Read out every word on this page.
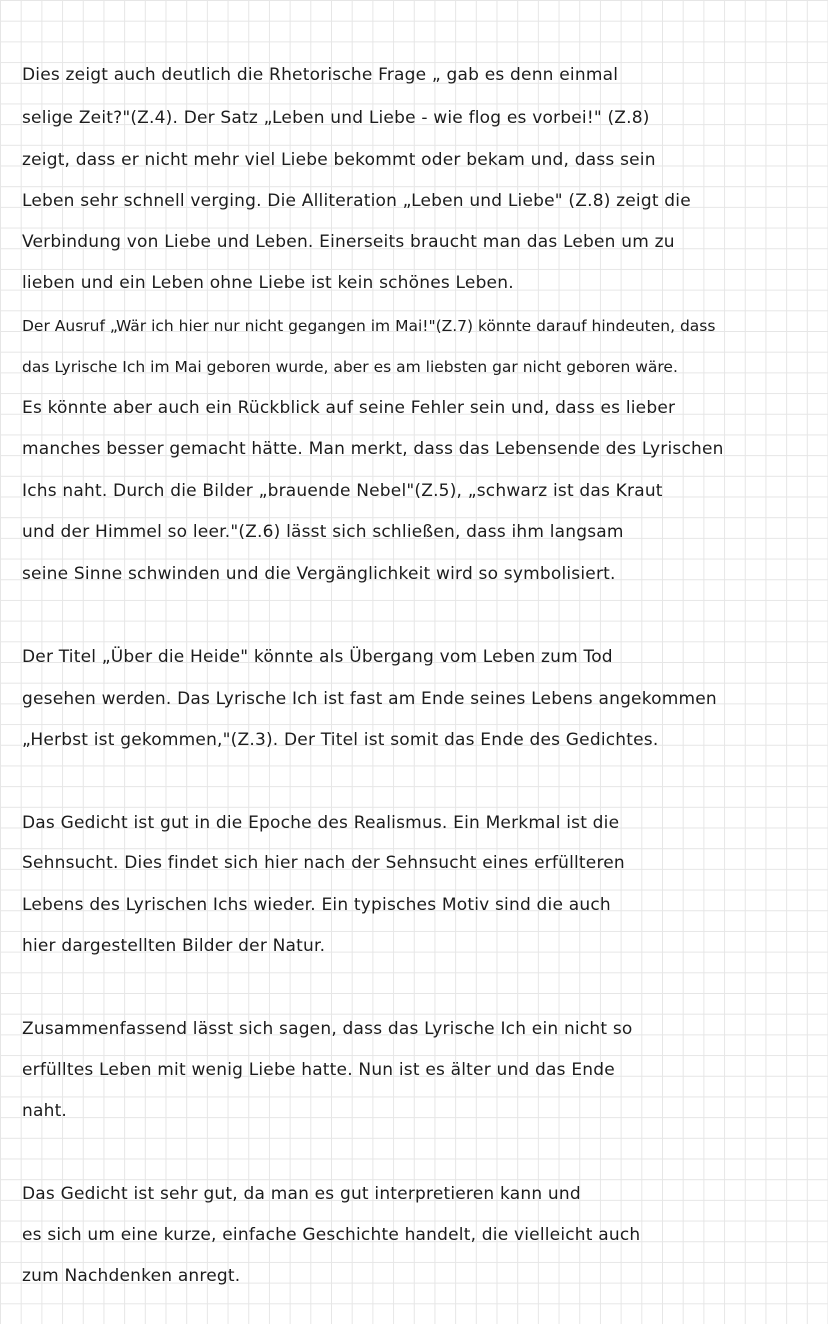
Dies zeigt auch deutlich die Rhetorische Frage „ gab es denn einmal
selige Zeit?"(Z.4). Der Satz „Leben und Liebe - wie flog es vorbei!" (Z.8)
zeigt, dass er nicht mehr viel Liebe bekommt oder bekam und, dass sein
Leben sehr schnell verging. Die Alliteration „Leben und Liebe" (Z.8) zeigt die
Verbindung von Liebe und Leben. Einerseits braucht man das Leben um zu
lieben und ein Leben ohne Liebe ist kein schönes Leben.
Der Ausruf „Wär ich hier nur nicht gegangen im Mai!"(Z.7) könnte darauf hindeuten, dass
das Lyrische Ich im Mai geboren wurde, aber es am liebsten gar nicht geboren wäre.
Es könnte aber auch ein Rückblick auf seine Fehler sein und, dass es lieber
manches besser gemacht hätte. Man merkt, dass das Lebensende des Lyrischen
Ichs naht. Durch die Bilder „brauende Nebel"(Z.5), „schwarz ist das Kraut
und der Himmel so leer."(Z.6) lässt sich schließen, dass ihm langsam
seine Sinne schwinden und die Vergänglichkeit wird so symbolisiert.
Der Titel „Über die Heide" könnte als Übergang vom Leben zum Tod
gesehen werden. Das Lyrische Ich ist fast am Ende seines Lebens angekommen
„Herbst ist gekommen,"(Z.3). Der Titel ist somit das Ende des Gedichtes.
Das Gedicht ist gut in die Epoche des Realismus. Ein Merkmal ist die
Sehnsucht. Dies findet sich hier nach der Sehnsucht eines erfüllteren
Lebens des Lyrischen Ichs wieder. Ein typisches Motiv sind die auch
hier dargestellten Bilder der Natur.
Zusammenfassend lässt sich sagen, dass das Lyrische Ich ein nicht so
erfülltes Leben mit wenig Liebe hatte. Nun ist es älter und das Ende
naht.
Das Gedicht ist sehr gut, da man es gut interpretieren kann und
es sich um eine kurze, einfache Geschichte handelt, die vielleicht auch
zum Nachdenken anregt.
